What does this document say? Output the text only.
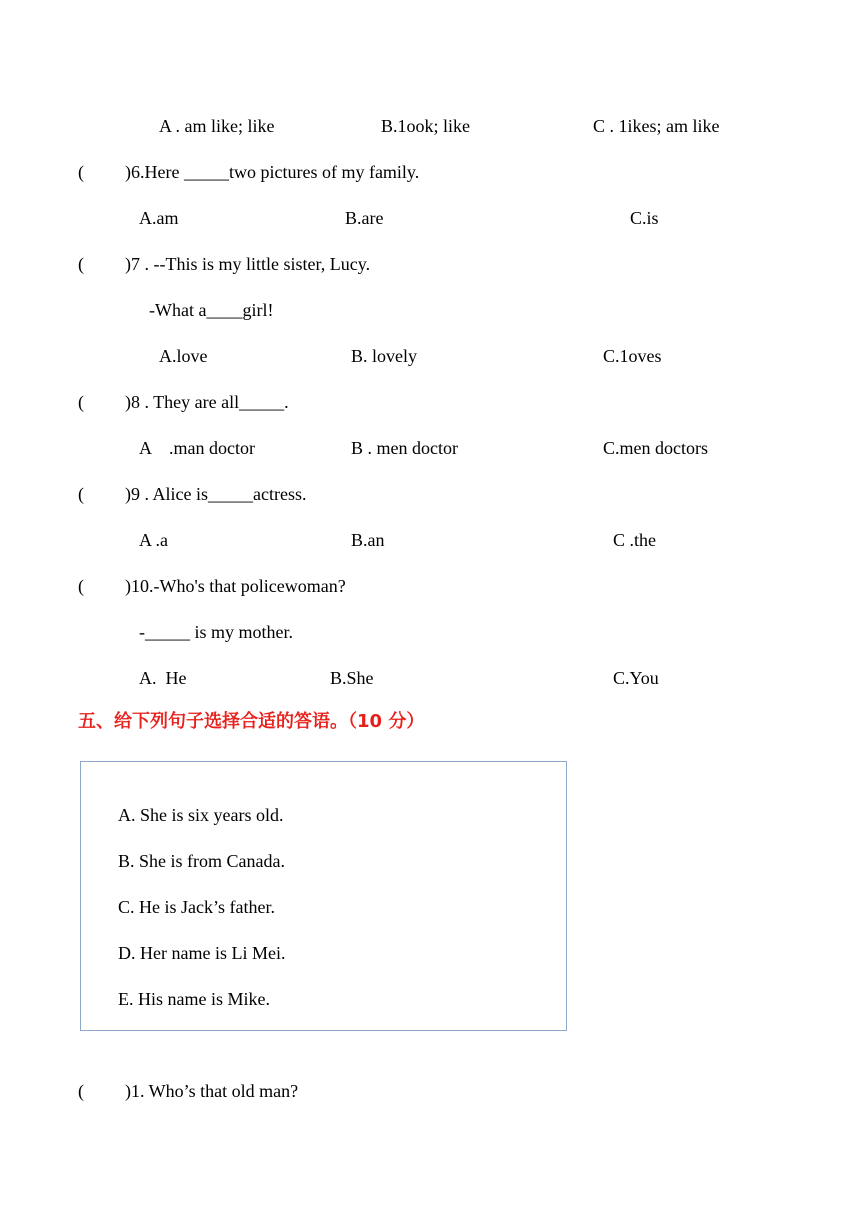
A . am like; like	B.1ook; like	C . 1ikes; am like
( ) 6.Here _____two pictures of my family.
A.am	B.are	C.is
( ) 7 . --This is my little sister, Lucy.
-What a____girl!
A.love	B. lovely	C.1oves
( ) 8 . They are all_____.
A    .man doctor	B . men doctor	C.men doctors
( ) 9 . Alice is_____actress.
A .a	B.an	C .the
( ) 10.-Who's that policewoman?
-_____ is my mother.
A.  He	B.She	C.You
五、给下列句子选择合适的答语。（10 分）
A. She is six years old.
B. She is from Canada.
C. He is Jack’s father.
D. Her name is Li Mei.
E. His name is Mike.
( ) 1. Who’s that old man?
